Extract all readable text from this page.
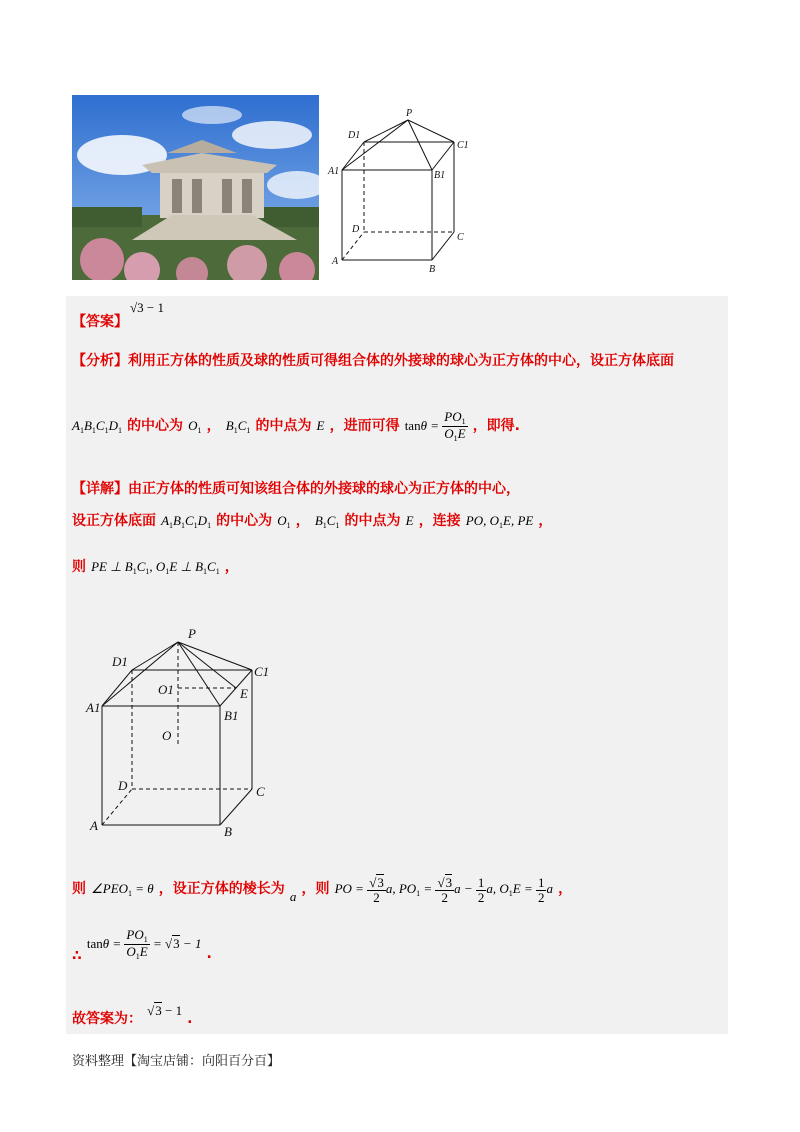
P
D1
C1
A1	B1
D
C
A
B
【答案】
√3 − 1
【分析】 利用正方体的性质及球的性质可得组合体的外接球的球心为正方体的中心，设正方体底面
$A_1B_1C_1D_1$ 的中心为 $O_1$ ， $B_1C_1$ 的中点为 E ，进而可得 $\tan\theta = \frac{PO_1}{O_1E}$ ，即得.
【详解】 由正方体的性质可知该组合体的外接球的球心为正方体的中心，
设正方体底面 $A_1B_1C_1D_1$ 的中心为 $O_1$ ， $B_1C_1$ 的中点为 E ，连接 PO, $O_1E$, PE ，
则 PE ⊥ $B_1C_1$, $O_1E$ ⊥ $B_1C_1$ ，
P
D1
C1
O1	E
A1
B1
O
D	C
A	B
则 $\angle PEO_1 = \theta$ ，设正方体的棱长为 $_a$ ，则 PO = $\frac{√3}{2} a$, $PO_1 = \frac{√3}{2}$ $a - \frac{1}{2} a$, $O_1E = \frac{1}{2}$ a ，
∴ $\tan\theta = \frac{PO_1}{O_1E} = √3 - 1$ .
故答案为： √3 − 1 .
资料整理【淘宝店铺：向阳百分百】
